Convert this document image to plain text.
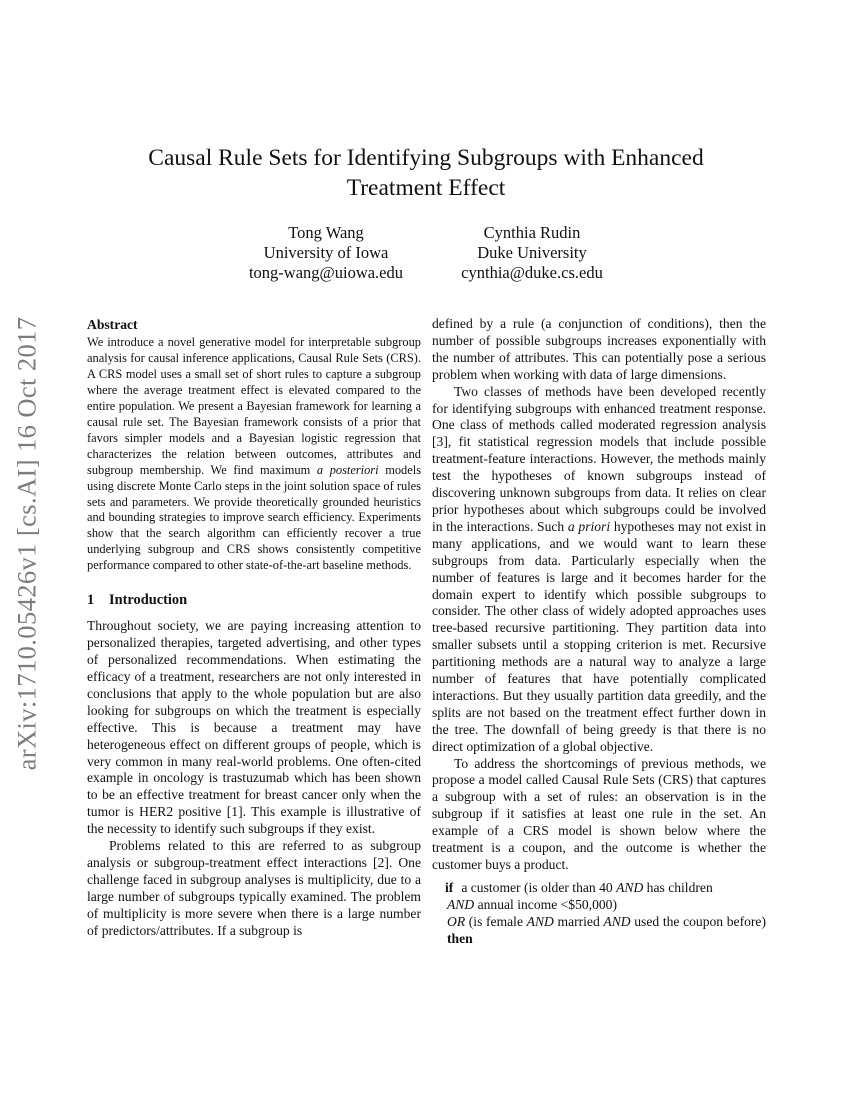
arXiv:1710.05426v1 [cs.AI] 16 Oct 2017
Causal Rule Sets for Identifying Subgroups with Enhanced
Treatment Effect
Tong Wang
University of Iowa
tong-wang@uiowa.edu
Cynthia Rudin
Duke University
cynthia@duke.cs.edu
Abstract

We introduce a novel generative model for interpretable subgroup analysis for causal inference applications, Causal Rule Sets (CRS). A CRS model uses a small set of short rules to capture a subgroup where the average treatment effect is elevated compared to the entire population. We present a Bayesian framework for learning a causal rule set. The Bayesian framework consists of a prior that favors simpler models and a Bayesian logistic regression that characterizes the relation between outcomes, attributes and subgroup membership. We find maximum a posteriori models using discrete Monte Carlo steps in the joint solution space of rules sets and parameters. We provide theoretically grounded heuristics and bounding strategies to improve search efficiency. Experiments show that the search algorithm can efficiently recover a true underlying subgroup and CRS shows consistently competitive performance compared to other state-of-the-art baseline methods.

1 Introduction

Throughout society, we are paying increasing attention to personalized therapies, targeted advertising, and other types of personalized recommendations. When estimating the efficacy of a treatment, researchers are not only interested in conclusions that apply to the whole population but are also looking for subgroups on which the treatment is especially effective. This is because a treatment may have heterogeneous effect on different groups of people, which is very common in many real-world problems. One often-cited example in oncology is trastuzumab which has been shown to be an effective treatment for breast cancer only when the tumor is HER2 positive [1]. This example is illustrative of the necessity to identify such subgroups if they exist.

Problems related to this are referred to as subgroup analysis or subgroup-treatment effect interactions [2]. One challenge faced in subgroup analyses is multiplicity, due to a large number of subgroups typically examined. The problem of multiplicity is more severe when there is a large number of predictors/attributes. If a subgroup is

defined by a rule (a conjunction of conditions), then the number of possible subgroups increases exponentially with the number of attributes. This can potentially pose a serious problem when working with data of large dimensions.

Two classes of methods have been developed recently for identifying subgroups with enhanced treatment response. One class of methods called moderated regression analysis [3], fit statistical regression models that include possible treatment-feature interactions. However, the methods mainly test the hypotheses of known subgroups instead of discovering unknown subgroups from data. It relies on clear prior hypotheses about which subgroups could be involved in the interactions. Such a priori hypotheses may not exist in many applications, and we would want to learn these subgroups from data. Particularly especially when the number of features is large and it becomes harder for the domain expert to identify which possible subgroups to consider. The other class of widely adopted approaches uses tree-based recursive partitioning. They partition data into smaller subsets until a stopping criterion is met. Recursive partitioning methods are a natural way to analyze a large number of features that have potentially complicated interactions. But they usually partition data greedily, and the splits are not based on the treatment effect further down in the tree. The downfall of being greedy is that there is no direct optimization of a global objective.

To address the shortcomings of previous methods, we propose a model called Causal Rule Sets (CRS) that captures a subgroup with a set of rules: an observation is in the subgroup if it satisfies at least one rule in the set. An example of a CRS model is shown below where the treatment is a coupon, and the outcome is whether the customer buys a product.

if a customer (is older than 40 AND has children

AND annual income <$50,000)

OR (is female AND married AND used the coupon before) then
